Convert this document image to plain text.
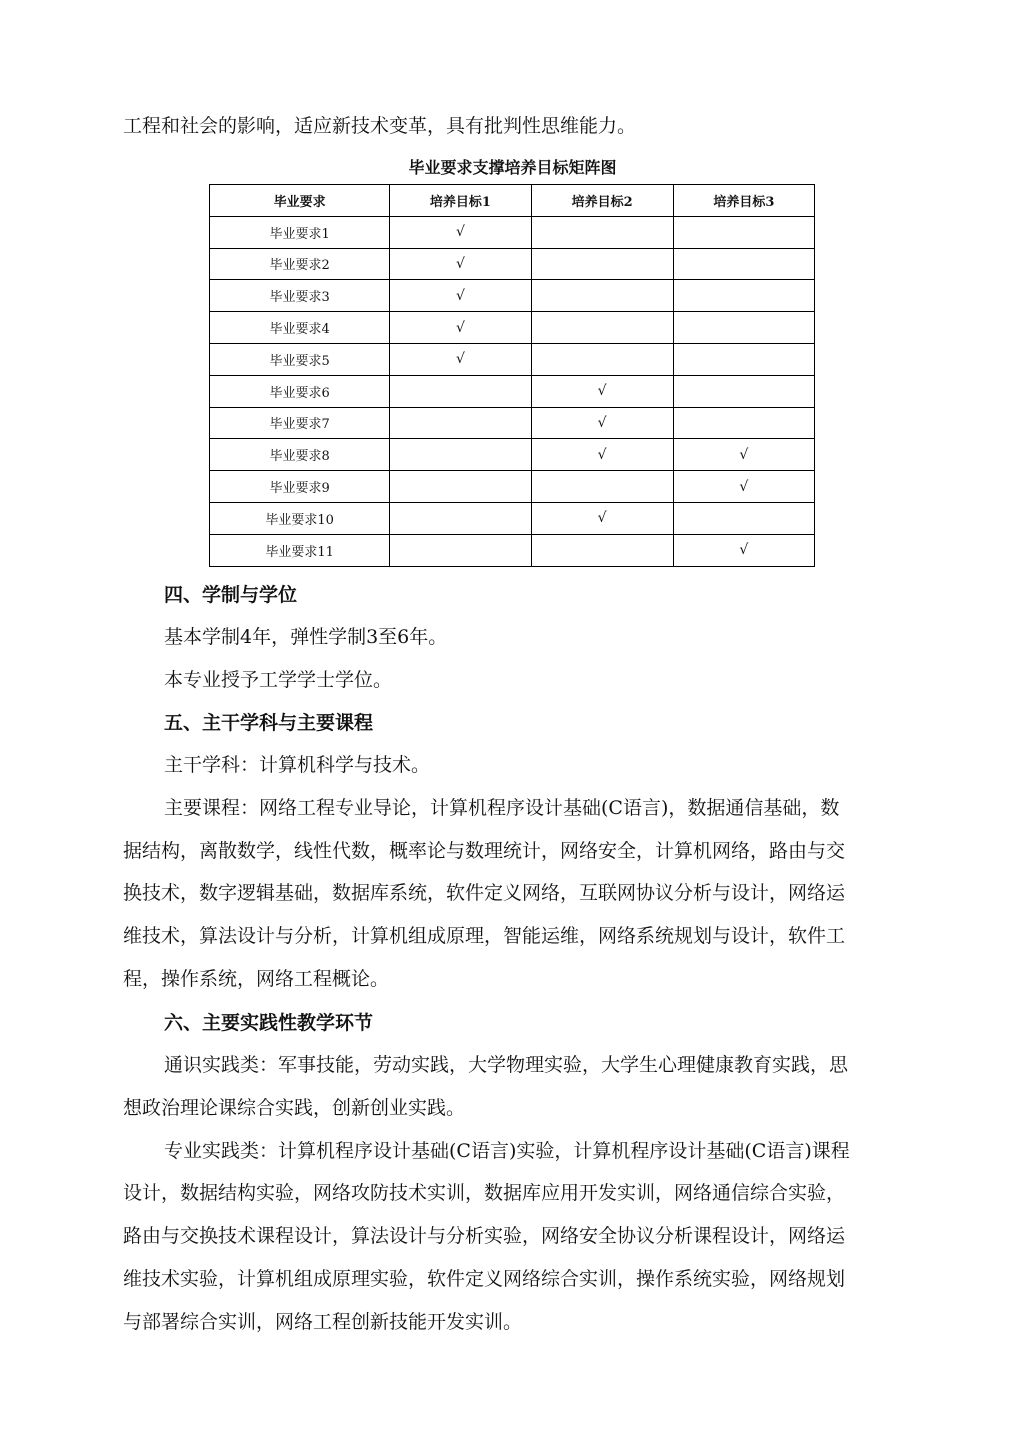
工程和社会的影响，适应新技术变革，具有批判性思维能力。
毕业要求支撑培养目标矩阵图
毕业要求	培养目标1	培养目标2	培养目标3
毕业要求1	√		
毕业要求2	√		
毕业要求3	√		
毕业要求4	√		
毕业要求5	√		
毕业要求6		√	
毕业要求7		√	
毕业要求8		√	√
毕业要求9			√
毕业要求10		√	
毕业要求11			√
四、学制与学位
基本学制4年，弹性学制3至6年。
本专业授予工学学士学位。
五、主干学科与主要课程
主干学科：计算机科学与技术。
主要课程：网络工程专业导论，计算机程序设计基础(C语言)，数据通信基础，数
据结构，离散数学，线性代数，概率论与数理统计，网络安全，计算机网络，路由与交
换技术，数字逻辑基础，数据库系统，软件定义网络，互联网协议分析与设计，网络运
维技术，算法设计与分析，计算机组成原理，智能运维，网络系统规划与设计，软件工
程，操作系统，网络工程概论。
六、主要实践性教学环节
通识实践类：军事技能，劳动实践，大学物理实验，大学生心理健康教育实践，思
想政治理论课综合实践，创新创业实践。
专业实践类：计算机程序设计基础(C语言)实验，计算机程序设计基础(C语言)课程
设计，数据结构实验，网络攻防技术实训，数据库应用开发实训，网络通信综合实验，
路由与交换技术课程设计，算法设计与分析实验，网络安全协议分析课程设计，网络运
维技术实验，计算机组成原理实验，软件定义网络综合实训，操作系统实验，网络规划
与部署综合实训，网络工程创新技能开发实训。
